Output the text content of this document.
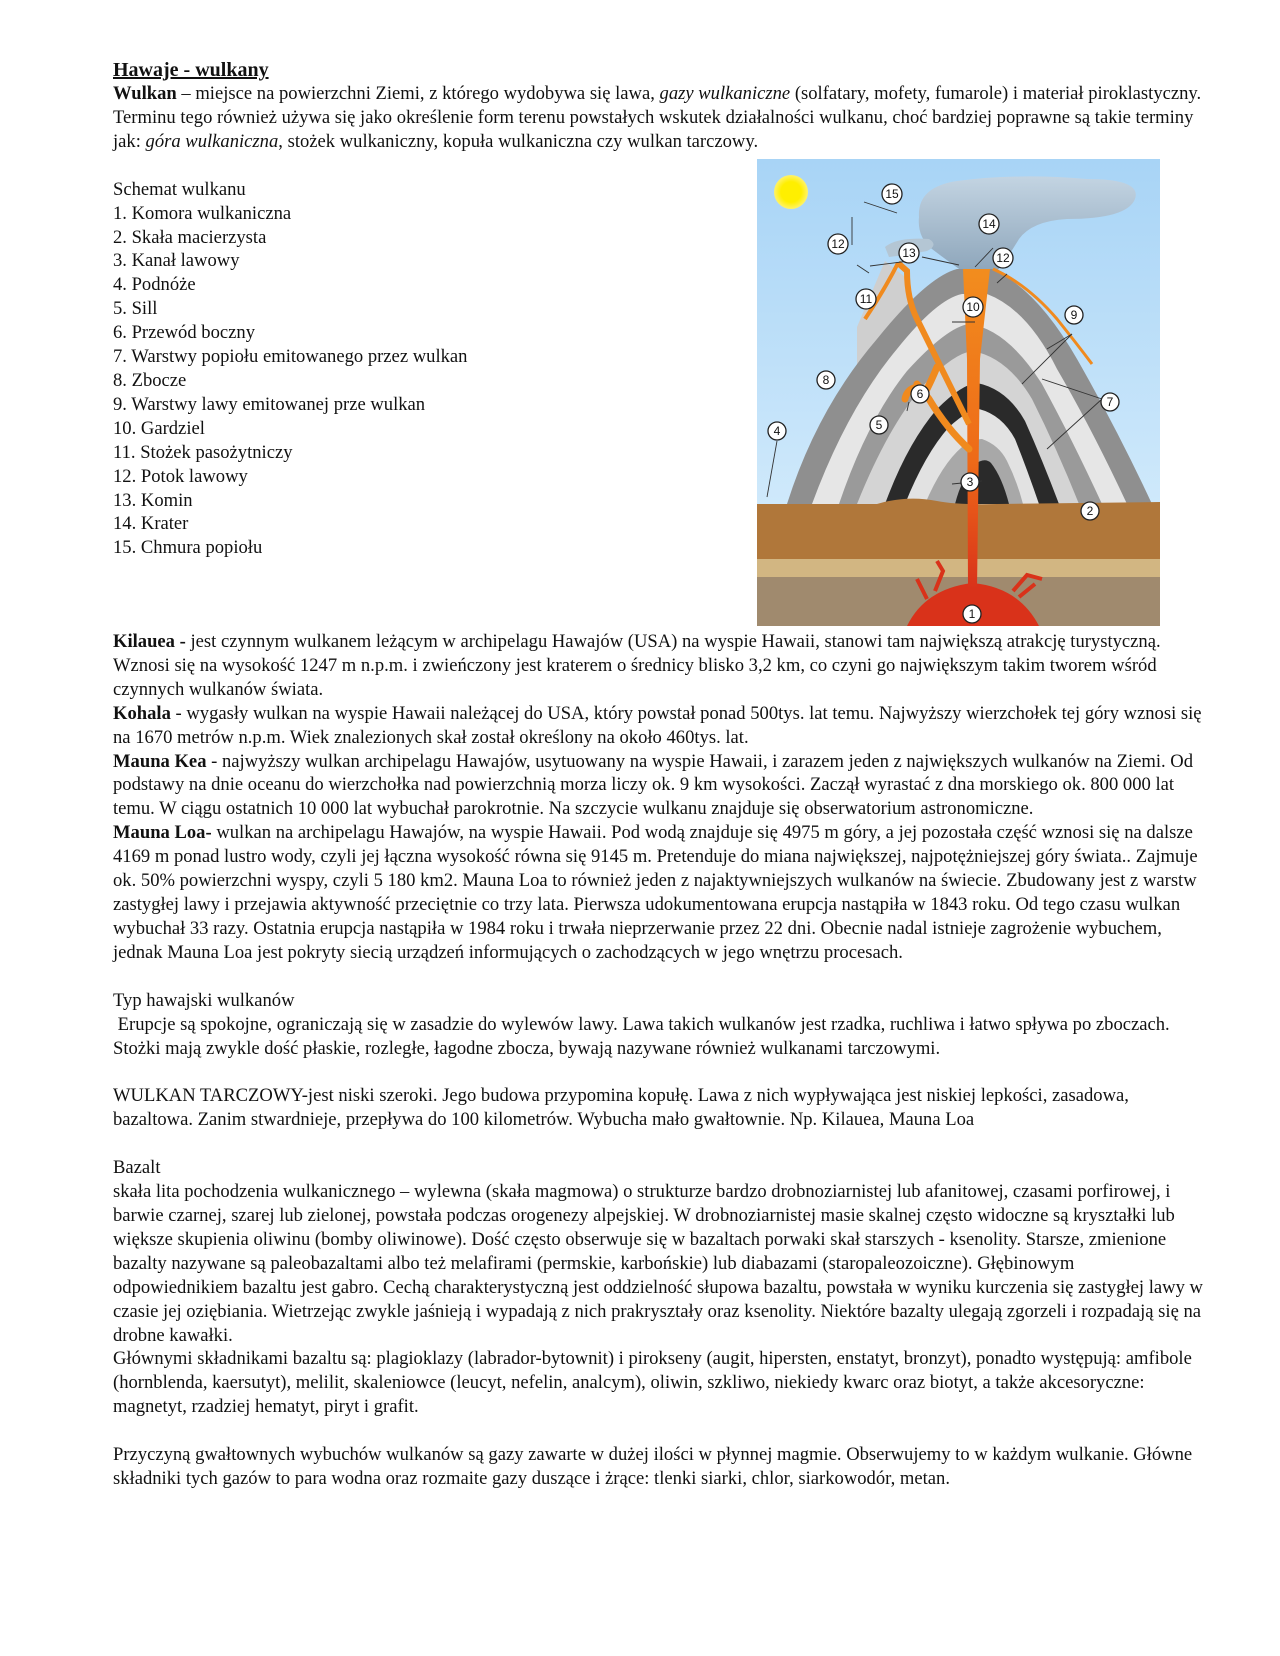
Hawaje - wulkany

Wulkan – miejsce na powierzchni Ziemi, z którego wydobywa się lawa, gazy wulkaniczne (solfatary, mofety, fumarole) i materiał piroklastyczny. Terminu tego również używa się jako określenie form terenu powstałych wskutek działalności wulkanu, choć bardziej poprawne są takie terminy jak: góra wulkaniczna, stożek wulkaniczny, kopuła wulkaniczna czy wulkan tarczowy.

Schemat wulkanu

1. Komora wulkaniczna
2. Skała macierzysta
3. Kanał lawowy
4. Podnóże
5. Sill
6. Przewód boczny
7. Warstwy popiołu emitowanego przez wulkan
8. Zbocze
9. Warstwy lawy emitowanej prze wulkan
10. Gardziel
11. Stożek pasożytniczy
12. Potok lawowy
13. Komin
14. Krater
15. Chmura popiołu
1
2
3
4	5
6
7
8
9
10
11
12
12
13
14
15

Kilauea - jest czynnym wulkanem leżącym w archipelagu Hawajów (USA) na wyspie Hawaii, stanowi tam największą atrakcję turystyczną. Wznosi się na wysokość 1247 m n.p.m. i zwieńczony jest kraterem o średnicy blisko 3,2 km, co czyni go największym takim tworem wśród czynnych wulkanów świata.

Kohala - wygasły wulkan na wyspie Hawaii należącej do USA, który powstał ponad 500tys. lat temu. Najwyższy wierzchołek tej góry wznosi się na 1670 metrów n.p.m. Wiek znalezionych skał został określony na około 460tys. lat.

Mauna Kea - najwyższy wulkan archipelagu Hawajów, usytuowany na wyspie Hawaii, i zarazem jeden z największych wulkanów na Ziemi. Od podstawy na dnie oceanu do wierzchołka nad powierzchnią morza liczy ok. 9 km wysokości. Zaczął wyrastać z dna morskiego ok. 800 000 lat temu. W ciągu ostatnich 10 000 lat wybuchał parokrotnie. Na szczycie wulkanu znajduje się obserwatorium astronomiczne.

Mauna Loa- wulkan na archipelagu Hawajów, na wyspie Hawaii. Pod wodą znajduje się 4975 m góry, a jej pozostała część wznosi się na dalsze 4169 m ponad lustro wody, czyli jej łączna wysokość równa się 9145 m. Pretenduje do miana największej, najpotężniejszej góry świata.. Zajmuje ok. 50% powierzchni wyspy, czyli 5 180 km2. Mauna Loa to również jeden z najaktywniejszych wulkanów na świecie. Zbudowany jest z warstw zastygłej lawy i przejawia aktywność przeciętnie co trzy lata. Pierwsza udokumentowana erupcja nastąpiła w 1843 roku. Od tego czasu wulkan wybuchał 33 razy. Ostatnia erupcja nastąpiła w 1984 roku i trwała nieprzerwanie przez 22 dni. Obecnie nadal istnieje zagrożenie wybuchem, jednak Mauna Loa jest pokryty siecią urządzeń informujących o zachodzących w jego wnętrzu procesach.

Typ hawajski wulkanów

Erupcje są spokojne, ograniczają się w zasadzie do wylewów lawy. Lawa takich wulkanów jest rzadka, ruchliwa i łatwo spływa po zboczach. Stożki mają zwykle dość płaskie, rozległe, łagodne zbocza, bywają nazywane również wulkanami tarczowymi.

WULKAN TARCZOWY-jest niski szeroki. Jego budowa przypomina kopułę. Lawa z nich wypływająca jest niskiej lepkości, zasadowa, bazaltowa. Zanim stwardnieje, przepływa do 100 kilometrów. Wybucha mało gwałtownie. Np. Kilauea, Mauna Loa

Bazalt

skała lita pochodzenia wulkanicznego – wylewna (skała magmowa) o strukturze bardzo drobnoziarnistej lub afanitowej, czasami porfirowej, i barwie czarnej, szarej lub zielonej, powstała podczas orogenezy alpejskiej. W drobnoziarnistej masie skalnej często widoczne są kryształki lub większe skupienia oliwinu (bomby oliwinowe). Dość często obserwuje się w bazaltach porwaki skał starszych - ksenolity. Starsze, zmienione bazalty nazywane są paleobazaltami albo też melafirami (permskie, karbońskie) lub diabazami (staropaleozoiczne). Głębinowym odpowiednikiem bazaltu jest gabro. Cechą charakterystyczną jest oddzielność słupowa bazaltu, powstała w wyniku kurczenia się zastygłej lawy w czasie jej oziębiania. Wietrzejąc zwykle jaśnieją i wypadają z nich prakryształy oraz ksenolity. Niektóre bazalty ulegają zgorzeli i rozpadają się na drobne kawałki.

Głównymi składnikami bazaltu są: plagioklazy (labrador-bytownit) i pirokseny (augit, hipersten, enstatyt, bronzyt), ponadto występują: amfibole (hornblenda, kaersutyt), melilit, skaleniowce (leucyt, nefelin, analcym), oliwin, szkliwo, niekiedy kwarc oraz biotyt, a także akcesoryczne: magnetyt, rzadziej hematyt, piryt i grafit.

Przyczyną gwałtownych wybuchów wulkanów są gazy zawarte w dużej ilości w płynnej magmie. Obserwujemy to w każdym wulkanie. Główne składniki tych gazów to para wodna oraz rozmaite gazy duszące i żrące: tlenki siarki, chlor, siarkowodór, metan.
